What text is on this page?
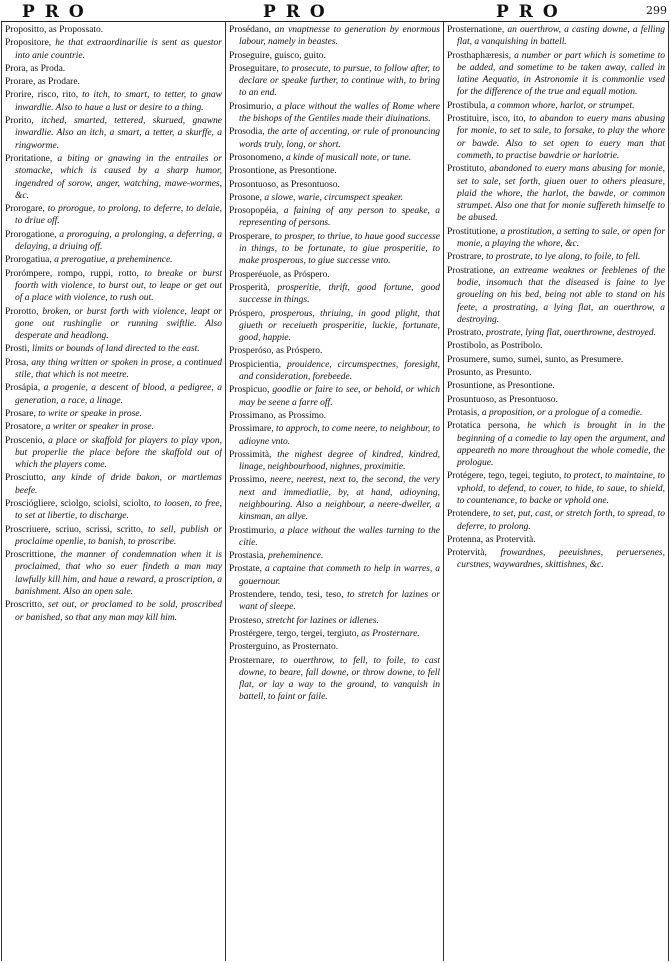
PRO	PRO	PRO	299

Propositto, as Propossato.

Propositore, he that extraordinarilie is sent as questor into anie countrie.

Prora, as Proda.

Prorare, as Prodare.

Prorire, risco, rito, to itch, to smart, to tetter, to gnaw inwardlie. Also to haue a lust or desire to a thing.

Prorito, itched, smarted, tettered, skurued, gnawne inwardlie. Also an itch, a smart, a tetter, a skurffe, a ringworme.

Proritatione, a biting or gnawing in the entrailes or stomacke, which is caused by a sharp humor, ingendred of sorow, anger, watching, mawe-wormes, &c.

Prorogare, to prorogue, to prolong, to deferre, to delaie, to driue off.

Prorogatione, a proroguing, a prolonging, a deferring, a delaying, a driuing off.

Prorogatiua, a prerogatiue, a preheminence.

Prorómpere, rompo, ruppi, rotto, to breake or burst foorth with violence, to burst out, to leape or get out of a place with violence, to rush out.

Prorotto, broken, or burst forth with violence, leapt or gone out rushinglie or running swiftlie. Also desperate and headlong.

Prosti, limits or bounds of land directed to the east.

Prosa, any thing written or spoken in prose, a continued stile, that which is not meetre.

Prosápia, a progenie, a descent of blood, a pedigree, a generation, a race, a linage.

Prosare, to write or speake in prose.

Prosatore, a writer or speaker in prose.

Proscenio, a place or skaffold for players to play vpon, but properlie the place before the skaffold out of which the players come.

Prosciutto, any kinde of dride bakon, or martlemas beefe.

Prosciógliere, sciolgo, sciolsi, sciolto, to loosen, to free, to set at libertie, to discharge.

Proscriuere, scriuo, scrissi, scritto, to sell, publish or proclaime openlie, to banish, to proscribe.

Proscrittione, the manner of condemnation when it is proclaimed, that who so euer findeth a man may lawfully kill him, and haue a reward, a proscription, a banishment. Also an open sale.

Proscritto, set out, or proclamed to be sold, proscribed or banished, so that any man may kill him.

Prosédano, an vnaptnesse to generation by enormous labour, namely in beastes.

Proseguire, guisco, guito.

Proseguitare, to prosecute, to pursue, to follow after, to declare or speake further, to continue with, to bring to an end.

Prosimurio, a place without the walles of Rome where the bishops of the Gentiles made their diuinations.

Prosodia, the arte of accenting, or rule of pronouncing words truly, long, or short.

Prosonomeno, a kinde of musicall note, or tune.

Prosontione, as Presontione.

Prosontuoso, as Presontuoso.

Prosone, a slowe, warie, circumspect speaker.

Prosopopéia, a faining of any person to speake, a representing of persons.

Prosperare, to prosper, to thriue, to haue good successe in things, to be fortunate, to giue prosperitie, to make prosperous, to giue successe vnto.

Prosperéuole, as Próspero.

Prosperità, prosperitie, thrift, good fortune, good successe in things.

Próspero, prosperous, thriuing, in good plight, that giueth or receiueth prosperitie, luckie, fortunate, good, happie.

Prosperóso, as Próspero.

Prospicientia, prouidence, circumspectnes, foresight, and consideration, forebeede.

Prospicuo, goodlie or faire to see, or behold, or which may be seene a farre off.

Prossimano, as Prossimo.

Prossimare, to approch, to come neere, to neighbour, to adioyne vnto.

Prossimità, the nighest degree of kindred, kindred, linage, neighbourhood, nighnes, proximitie.

Prossimo, neere, neerest, next to, the second, the very next and immediatlie, by, at hand, adioyning, neighbouring. Also a neighbour, a neere-dweller, a kinsman, an allye.

Prostimurio, a place without the walles turning to the citie.

Prostasia, preheminence.

Prostate, a captaine that commeth to help in warres, a gouernour.

Prostendere, tendo, tesi, teso, to stretch for lazines or want of sleepe.

Prosteso, stretcht for lazines or idlenes.

Prostérgere, tergo, tergei, tergiuto, as Prosternare.

Prosterguino, as Prosternato.

Prosternare, to ouerthrow, to fell, to foile, to cast downe, to beare, fall downe, or throw downe, to fell flat, or lay a way to the ground, to vanquish in battell, to faint or faile.

Prosternatione, an ouerthrow, a casting downe, a felling flat, a vanquishing in battell.

Prosthaphæresis, a number or part which is sometime to be added, and sometime to be taken away, called in latine Aequatio, in Astronomie it is commonlie vsed for the difference of the true and equall motion.

Prostibula, a common whore, harlot, or strumpet.

Prostituire, isco, ito, to abandon to euery mans abusing for monie, to set to sale, to forsake, to play the whore or bawde. Also to set open to euery man that commeth, to practise bawdrie or harlotrie.

Prostituto, abandoned to euery mans abusing for monie, set to sale, set forth, giuen ouer to others pleasure, plaid the whore, the harlot, the bawde, or common strumpet. Also one that for monie suffereth himselfe to be abused.

Prostitutione, a prostitution, a setting to sale, or open for monie, a playing the whore, &c.

Prostrare, to prostrate, to lye along, to foile, to fell.

Prostratione, an extreame weaknes or feeblenes of the bodie, insomuch that the diseased is faine to lye groueling on his bed, being not able to stand on his feete, a prostrating, a lying flat, an ouerthrow, a destroying.

Prostrato, prostrate, lying flat, ouerthrowne, destroyed.

Prostibolo, as Postribolo.

Prosumere, sumo, sumei, sunto, as Presumere.

Prosunto, as Presunto.

Prosuntione, as Presontione.

Prosuntuoso, as Presontuoso.

Protasis, a proposition, or a prologue of a comedie.

Protatica persona, he which is brought in in the beginning of a comedie to lay open the argument, and appeareth no more throughout the whole comedie, the prologue.

Protégere, tego, tegei, tegiuto, to protect, to maintaine, to vphold, to defend, to couer, to hide, to saue, to shield, to countenance, to backe or vphold one.

Protendere, to set, put, cast, or stretch forth, to spread, to deferre, to prolong.

Protenna, as Protervità.

Protervità, frowardnes, peeuishnes, peruersenes, curstnes, waywardnes, skittishnes, &c.
